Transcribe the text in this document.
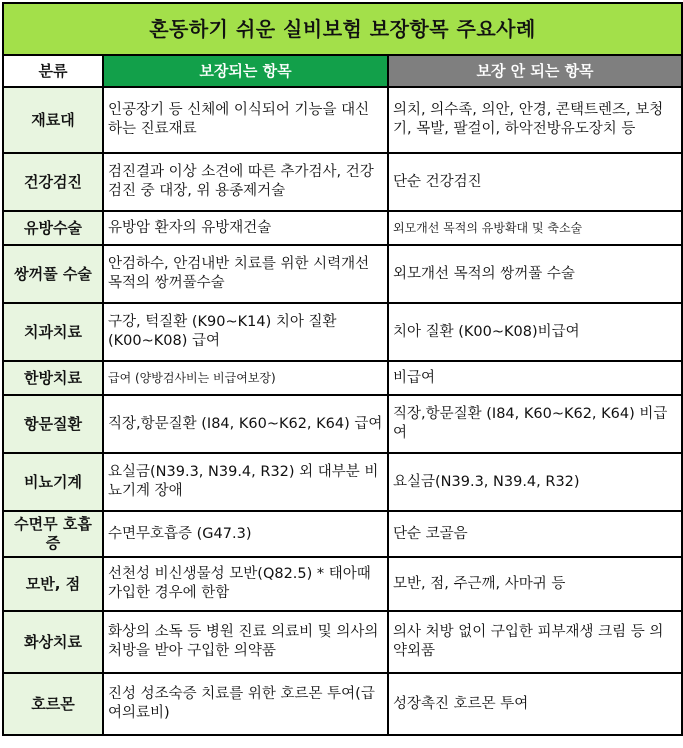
혼동하기 쉬운 실비보험 보장항목 주요사례		
분류	보장되는 항목	보장 안 되는 항목
재료대	인공장기 등 신체에 이식되어 기능을 대신하는 진료재료	의치, 의수족, 의안, 안경, 콘택트렌즈, 보청기, 목발, 팔걸이, 하악전방유도장치 등
건강검진	검진결과 이상 소견에 따른 추가검사, 건강검진 중 대장, 위 용종제거술	단순 건강검진
유방수술	유방암 환자의 유방재건술	외모개선 목적의 유방확대 및 축소술
쌍꺼풀 수술	안검하수, 안검내반 치료를 위한 시력개선 목적의 쌍꺼풀수술	외모개선 목적의 쌍꺼풀 수술
치과치료	구강, 턱질환 (K90~K14) 치아 질환 (K00~K08) 급여	치아 질환 (K00~K08)비급여
한방치료	급여 (양방검사비는 비급여보장)	비급여
항문질환	직장,항문질환 (I84, K60~K62, K64) 급여	직장,항문질환 (I84, K60~K62, K64) 비급여
비뇨기계	요실금(N39.3, N39.4, R32) 외 대부분 비뇨기계 장애	요실금(N39.3, N39.4, R32)
수면무 호흡증	수면무호흡증 (G47.3)	단순 코골음
모반, 점	선천성 비신생물성 모반(Q82.5) * 태아때 가입한 경우에 한함	모반, 점, 주근깨, 사마귀 등
화상치료	화상의 소독 등 병원 진료 의료비 및 의사의 처방을 받아 구입한 의약품	의사 처방 없이 구입한 피부재생 크림 등 의약외품
호르몬	진성 성조숙증 치료를 위한 호르몬 투여(급여의료비)	성장촉진 호르몬 투여
